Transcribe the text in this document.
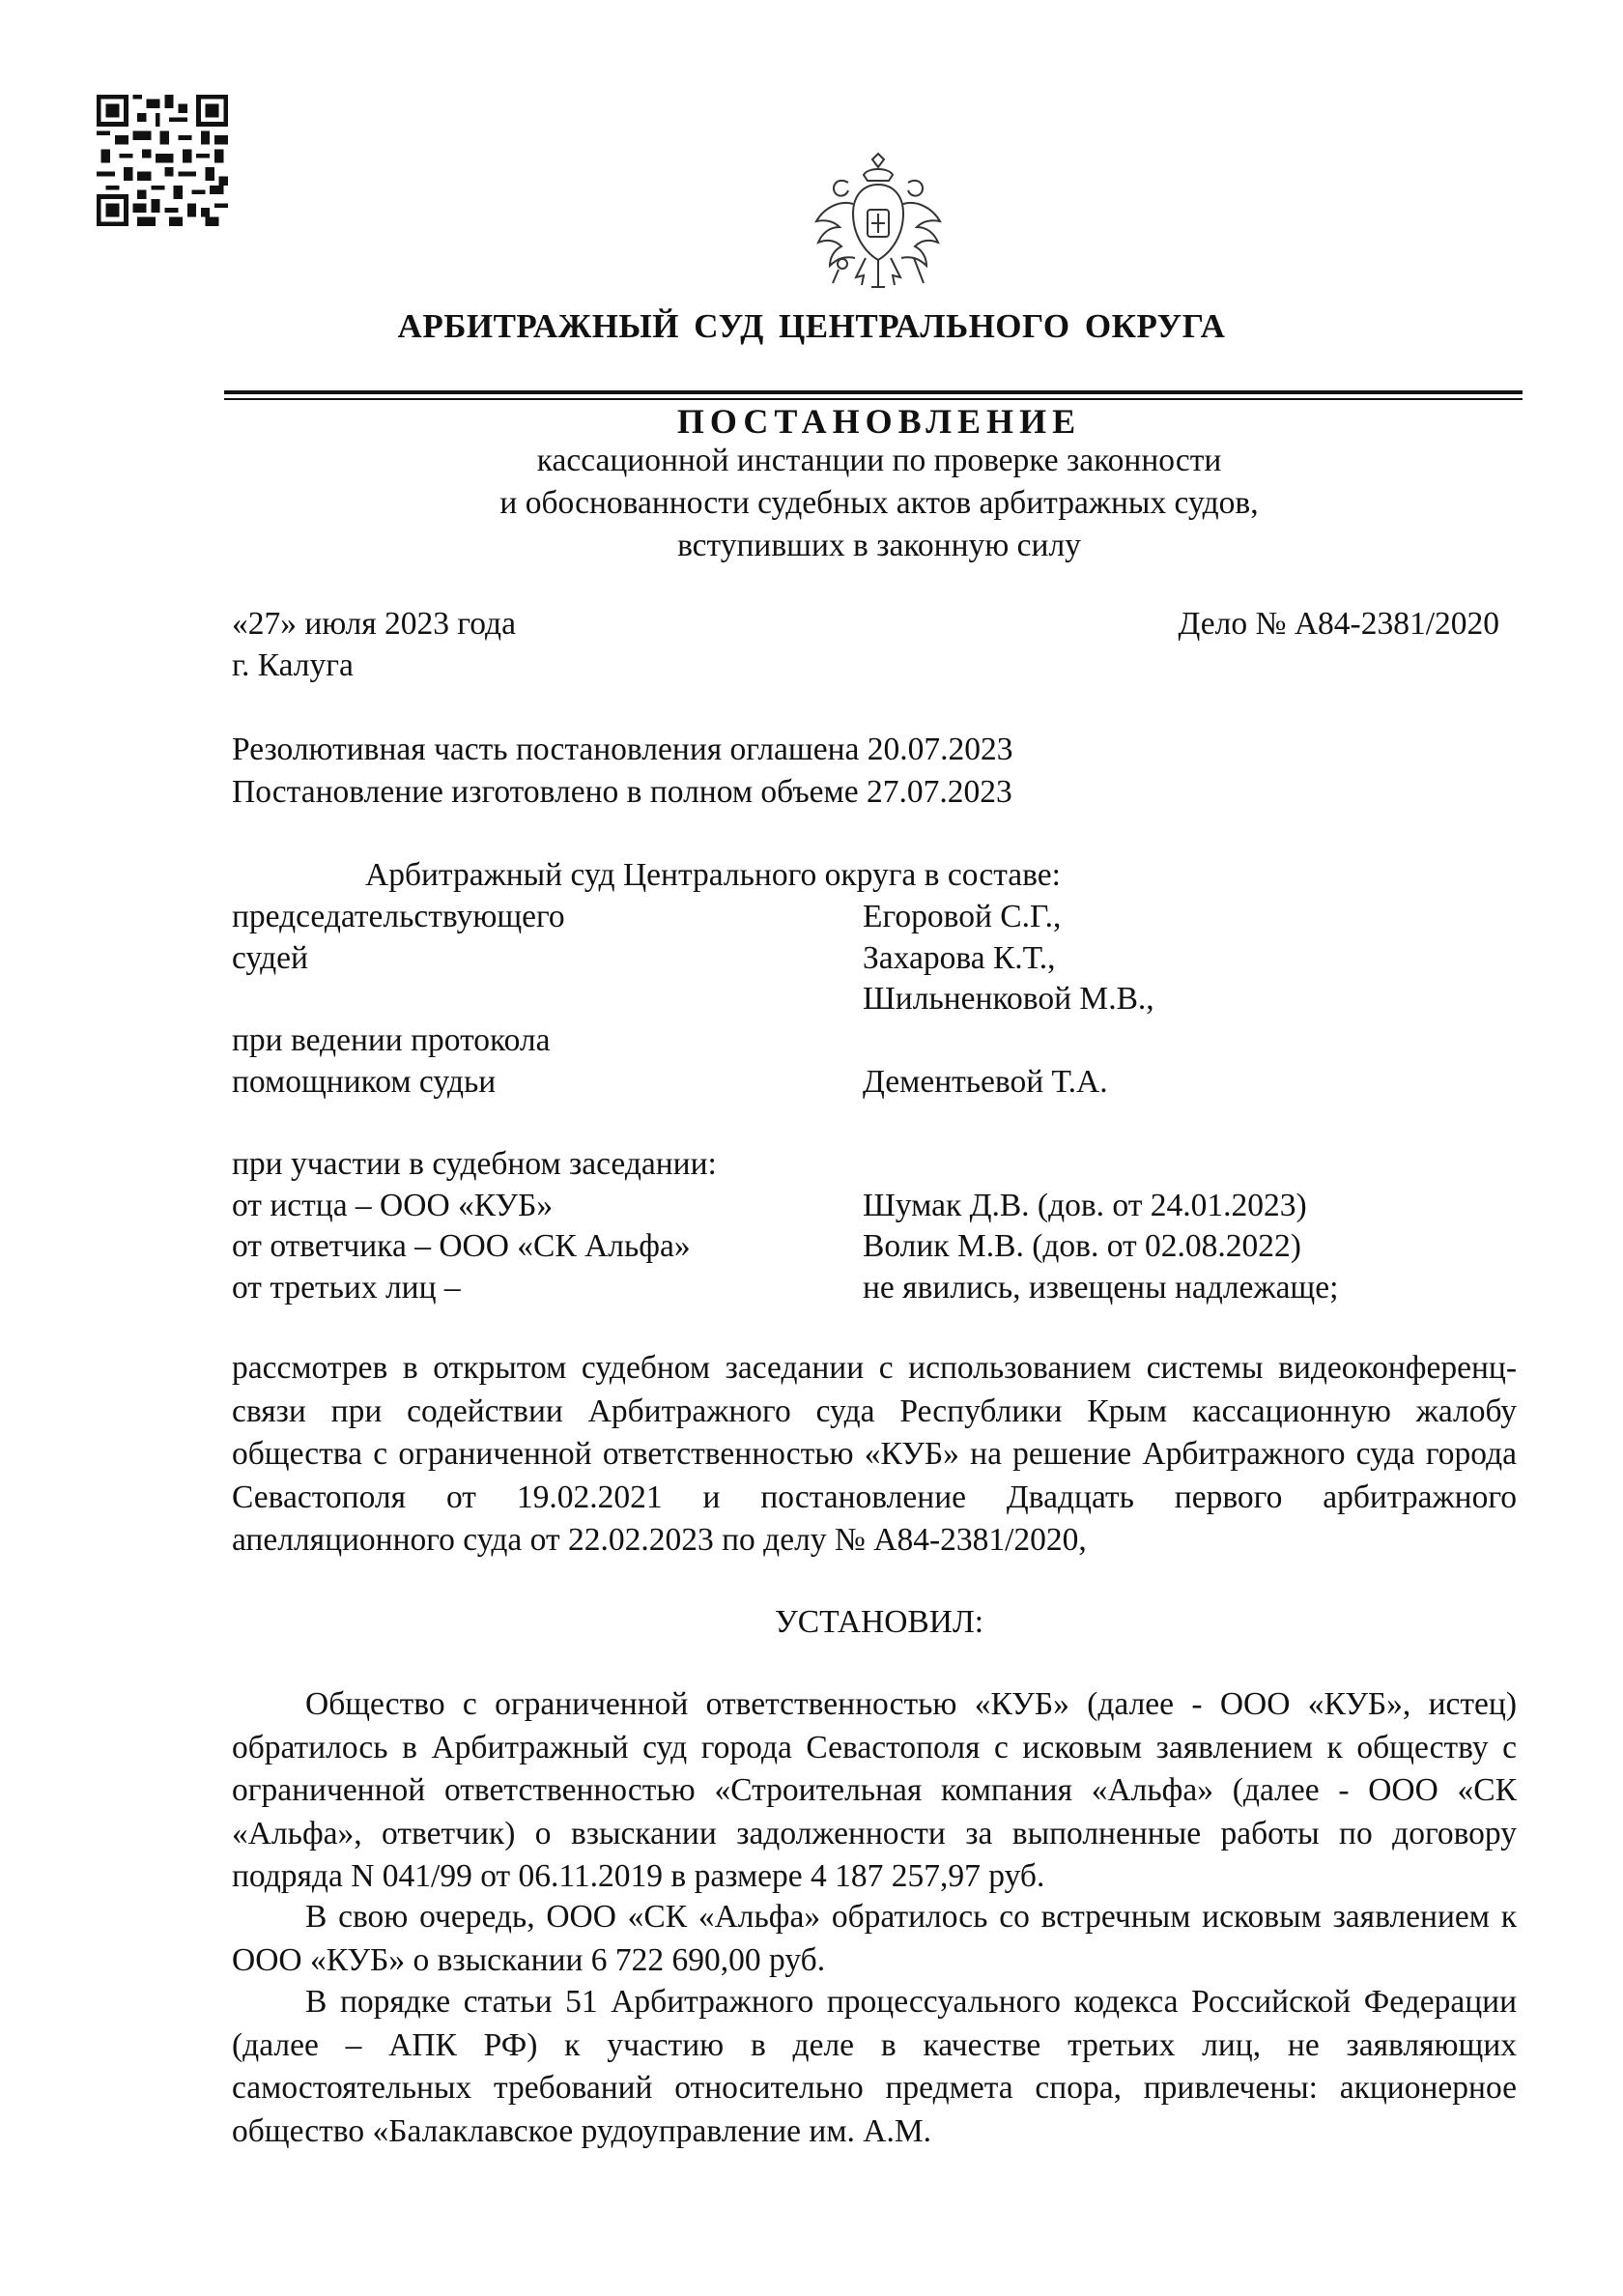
АРБИТРАЖНЫЙ СУД ЦЕНТРАЛЬНОГО ОКРУГА
ПОСТАНОВЛЕНИЕ
кассационной инстанции по проверке законности
и обоснованности судебных актов арбитражных судов,
вступивших в законную силу
«27» июля 2023 года	Дело № А84-2381/2020
г. Калуга
Резолютивная часть постановления оглашена 20.07.2023
Постановление изготовлено в полном объеме 27.07.2023
Арбитражный суд Центрального округа в составе:
председательствующего	Егоровой С.Г.,
судей	Захарова К.Т.,
Шильненковой М.В.,
при ведении протокола
помощником судьи	Дементьевой Т.А.
при участии в судебном заседании:
от истца – ООО «КУБ»	Шумак Д.В. (дов. от 24.01.2023)
от ответчика – ООО «СК Альфа»	Волик М.В. (дов. от 02.08.2022)
от третьих лиц –	не явились, извещены надлежаще;
рассмотрев в открытом судебном заседании с использованием системы видеоконференц-связи при содействии Арбитражного суда Республики Крым кассационную жалобу общества с ограниченной ответственностью «КУБ» на решение Арбитражного суда города Севастополя от 19.02.2021 и постановление Двадцать первого арбитражного апелляционного суда от 22.02.2023 по делу № А84-2381/2020,
УСТАНОВИЛ:
Общество с ограниченной ответственностью «КУБ» (далее - ООО «КУБ», истец) обратилось в Арбитражный суд города Севастополя с исковым заявлением к обществу с ограниченной ответственностью «Строительная компания «Альфа» (далее - ООО «СК «Альфа», ответчик) о взыскании задолженности за выполненные работы по договору подряда N 041/99 от 06.11.2019 в размере 4 187 257,97 руб.
В свою очередь, ООО «СК «Альфа» обратилось со встречным исковым заявлением к ООО «КУБ» о взыскании 6 722 690,00 руб.
В порядке статьи 51 Арбитражного процессуального кодекса Российской Федерации (далее – АПК РФ) к участию в деле в качестве третьих лиц, не заявляющих самостоятельных требований относительно предмета спора, привлечены: акционерное общество «Балаклавское рудоуправление им. А.М.
